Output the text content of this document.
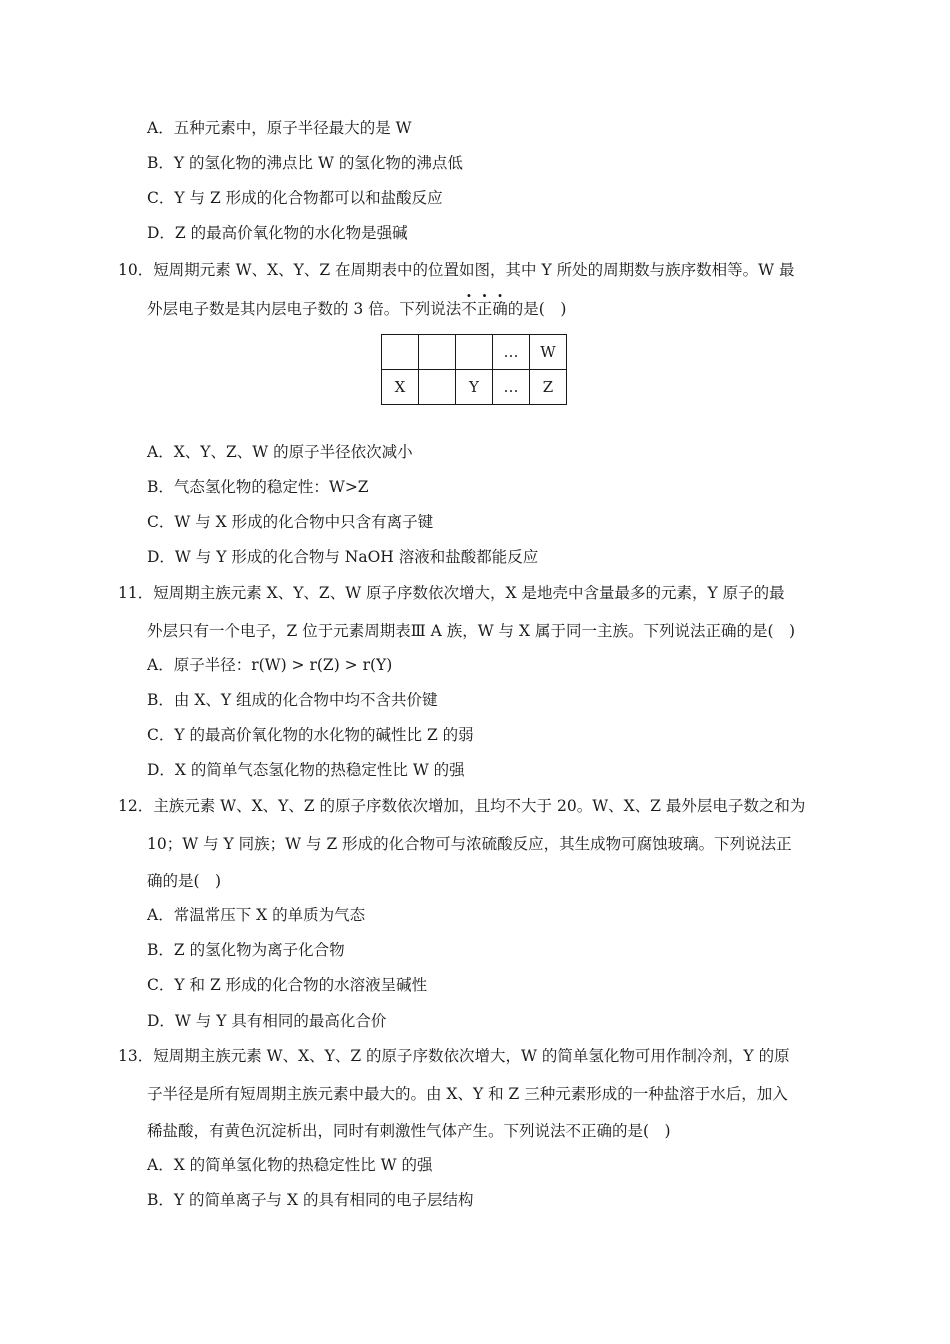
A．五种元素中，原子半径最大的是 W
B．Y 的氢化物的沸点比 W 的氢化物的沸点低
C．Y 与 Z 形成的化合物都可以和盐酸反应
D．Z 的最高价氧化物的水化物是强碱
10．短周期元素 W、X、Y、Z 在周期表中的位置如图，其中 Y 所处的周期数与族序数相等。W 最
外层电子数是其内层电子数的 3 倍。下列说法不正确的是(　)
			…	W
X		Y	…	Z
A．X、Y、Z、W 的原子半径依次减小
B．气态氢化物的稳定性：W>Z
C．W 与 X 形成的化合物中只含有离子键
D．W 与 Y 形成的化合物与 NaOH 溶液和盐酸都能反应
11．短周期主族元素 X、Y、Z、W 原子序数依次增大，X 是地壳中含量最多的元素，Y 原子的最
外层只有一个电子，Z 位于元素周期表Ⅲ A 族，W 与 X 属于同一主族。下列说法正确的是(　)
A．原子半径：r(W) > r(Z) > r(Y)
B．由 X、Y 组成的化合物中均不含共价键
C．Y 的最高价氧化物的水化物的碱性比 Z 的弱
D．X 的简单气态氢化物的热稳定性比 W 的强
12．主族元素 W、X、Y、Z 的原子序数依次增加，且均不大于 20。W、X、Z 最外层电子数之和为
10；W 与 Y 同族；W 与 Z 形成的化合物可与浓硫酸反应，其生成物可腐蚀玻璃。下列说法正
确的是(　)
A．常温常压下 X 的单质为气态
B．Z 的氢化物为离子化合物
C．Y 和 Z 形成的化合物的水溶液呈碱性
D．W 与 Y 具有相同的最高化合价
13．短周期主族元素 W、X、Y、Z 的原子序数依次增大，W 的简单氢化物可用作制冷剂，Y 的原
子半径是所有短周期主族元素中最大的。由 X、Y 和 Z 三种元素形成的一种盐溶于水后，加入
稀盐酸，有黄色沉淀析出，同时有刺激性气体产生。下列说法不正确的是(　)
A．X 的简单氢化物的热稳定性比 W 的强
B．Y 的简单离子与 X 的具有相同的电子层结构
